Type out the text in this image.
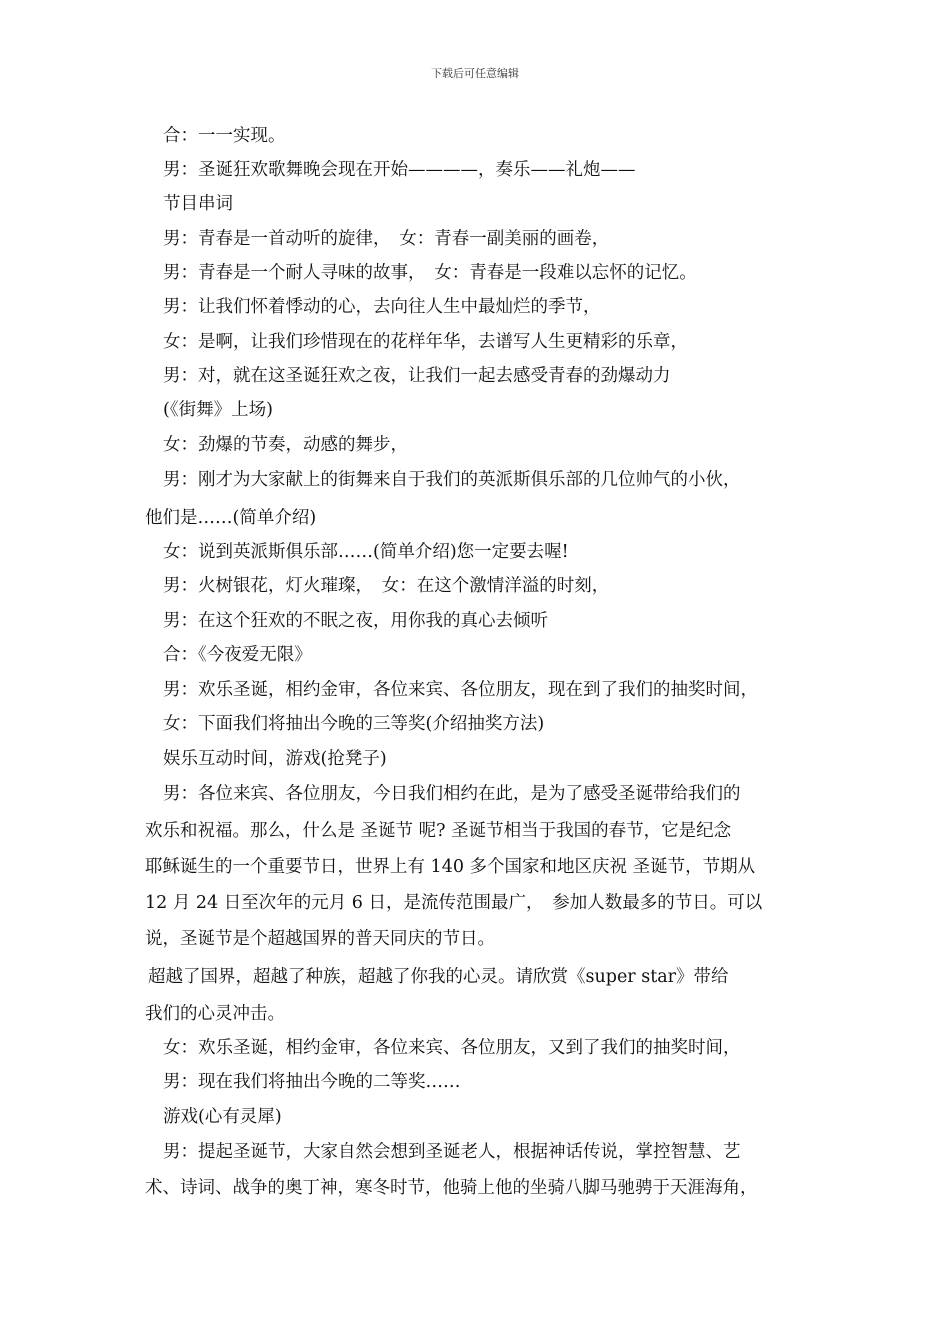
下载后可任意编辑
合：一一实现。
男：圣诞狂欢歌舞晚会现在开始————，奏乐——礼炮——
节目串词
男：青春是一首动听的旋律，　女：青春一副美丽的画卷，
男：青春是一个耐人寻味的故事，　女：青春是一段难以忘怀的记忆。
男：让我们怀着悸动的心，去向往人生中最灿烂的季节，
女：是啊，让我们珍惜现在的花样年华，去谱写人生更精彩的乐章，
男：对，就在这圣诞狂欢之夜，让我们一起去感受青春的劲爆动力
(《街舞》上场)
女：劲爆的节奏，动感的舞步，
男：刚才为大家献上的街舞来自于我们的英派斯俱乐部的几位帅气的小伙，
他们是……(简单介绍)
女：说到英派斯俱乐部……(简单介绍)您一定要去喔!
男：火树银花，灯火璀璨，　女：在这个激情洋溢的时刻，
男：在这个狂欢的不眠之夜，用你我的真心去倾听
合：《今夜爱无限》
男：欢乐圣诞，相约金审，各位来宾、各位朋友，现在到了我们的抽奖时间，
女：下面我们将抽出今晚的三等奖(介绍抽奖方法)
娱乐互动时间，游戏(抢凳子)
男：各位来宾、各位朋友，今日我们相约在此，是为了感受圣诞带给我们的
欢乐和祝福。那么，什么是 圣诞节 呢? 圣诞节相当于我国的春节，它是纪念
耶稣诞生的一个重要节日，世界上有 140 多个国家和地区庆祝 圣诞节，节期从
12 月 24 日至次年的元月 6 日，是流传范围最广，　参加人数最多的节日。可以
说，圣诞节是个超越国界的普天同庆的节日。
超越了国界，超越了种族，超越了你我的心灵。请欣赏《super star》带给
我们的心灵冲击。
女：欢乐圣诞，相约金审，各位来宾、各位朋友，又到了我们的抽奖时间，
男：现在我们将抽出今晚的二等奖……
游戏(心有灵犀)
男：提起圣诞节，大家自然会想到圣诞老人，根据神话传说，掌控智慧、艺
术、诗词、战争的奥丁神，寒冬时节，他骑上他的坐骑八脚马驰骋于天涯海角，
